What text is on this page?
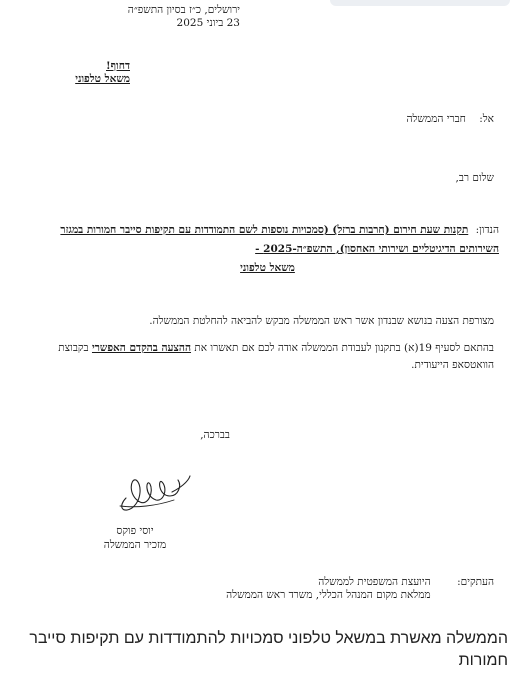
ירושלים, כ״ז בסיון התשפ״ה
23 ביוני 2025
דחוף!
משאל טלפוני
אל: חברי הממשלה
שלום רב,
הנדון: תקנות שעת חירום (חרבות ברזל) (סמכויות נוספות לשם התמודדות עם תקיפות סייבר חמורות במגזר השירותים הדיגיטליים ושירותי האחסון), התשפ״ה-2025 -
משאל טלפוני
מצורפת הצעה בנושא שבנדון אשר ראש הממשלה מבקש להביאה להחלטת הממשלה.
בהתאם לסעיף 19(א) בתקנון לעבודת הממשלה אודה לכם אם תאשרו את ההצעה בהקדם האפשרי בקבוצת הוואטסאפ הייעודית.
בברכה,
יוסי פוקס
מזכיר הממשלה
העתקים:
היועצת המשפטית לממשלה
ממלאת מקום המנהל הכללי, משרד ראש הממשלה
הממשלה מאשרת במשאל טלפוני סמכויות להתמודדות עם תקיפות סייבר חמורות
